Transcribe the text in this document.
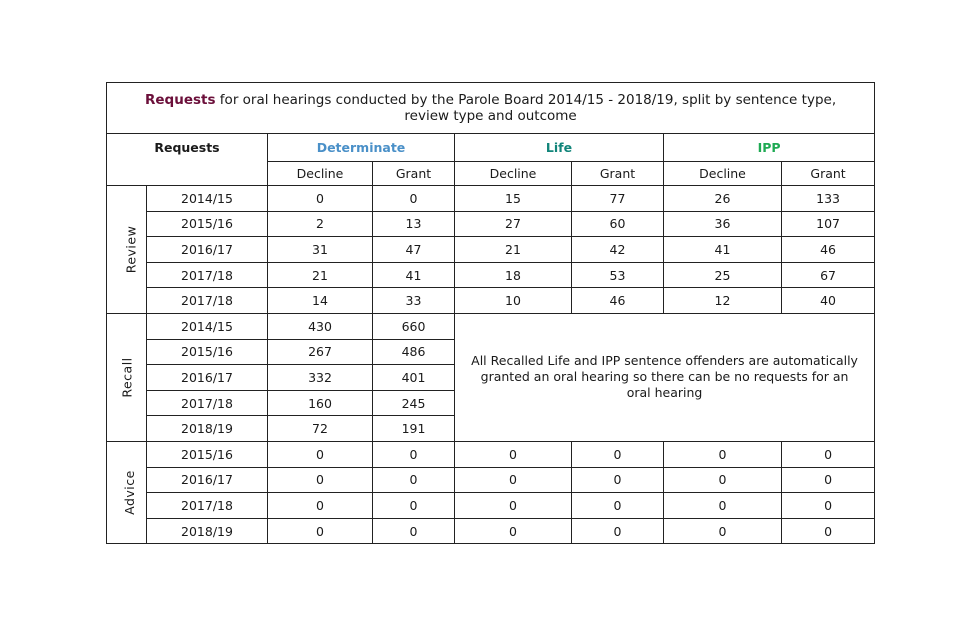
Requests for oral hearings conducted by the Parole Board 2014/15 - 2018/19, split by sentence type, review type and outcome							
Requests		Determinate		Life		IPP	
		Decline	Grant	Decline	Grant	Decline	Grant
Review	2014/15	0	0	15	77	26	133
	2015/16	2	13	27	60	36	107
	2016/17	31	47	21	42	41	46
	2017/18	21	41	18	53	25	67
	2017/18	14	33	10	46	12	40
Recall	2014/15	430	660	All Recalled Life and IPP sentence offenders are automatically granted an oral hearing so there can be no requests for an oral hearing			
	2015/16	267	486				
	2016/17	332	401				
	2017/18	160	245				
	2018/19	72	191				
Advice	2015/16	0	0	0	0	0	0
	2016/17	0	0	0	0	0	0
	2017/18	0	0	0	0	0	0
	2018/19	0	0	0	0	0	0
